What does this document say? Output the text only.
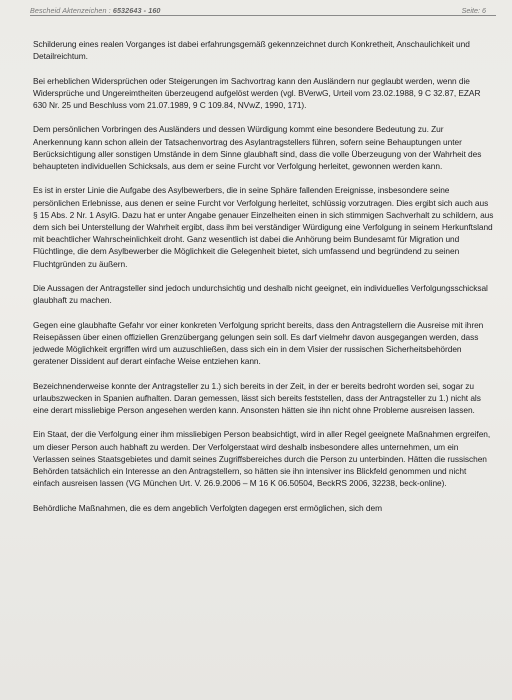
Bescheid Aktenzeichen : 6532643 - 160	Seite: 6

Schilderung eines realen Vorganges ist dabei erfahrungsgemäß gekennzeichnet durch Konkretheit, Anschaulichkeit und Detailreichtum.

Bei erheblichen Widersprüchen oder Steigerungen im Sachvortrag kann den Ausländern nur geglaubt werden, wenn die Widersprüche und Ungereimtheiten überzeugend aufgelöst werden (vgl. BVerwG, Urteil vom 23.02.1988, 9 C 32.87, EZAR 630 Nr. 25 und Beschluss vom 21.07.1989, 9 C 109.84, NVwZ, 1990, 171).

Dem persönlichen Vorbringen des Ausländers und dessen Würdigung kommt eine besondere Bedeutung zu. Zur Anerkennung kann schon allein der Tatsachenvortrag des Asylantragstellers führen, sofern seine Behauptungen unter Berücksichtigung aller sonstigen Umstände in dem Sinne glaubhaft sind, dass die volle Überzeugung von der Wahrheit des behaupteten individuellen Schicksals, aus dem er seine Furcht vor Verfolgung herleitet, gewonnen werden kann.

Es ist in erster Linie die Aufgabe des Asylbewerbers, die in seine Sphäre fallenden Ereignisse, insbesondere seine persönlichen Erlebnisse, aus denen er seine Furcht vor Verfolgung herleitet, schlüssig vorzutragen. Dies ergibt sich auch aus § 15 Abs. 2 Nr. 1 AsylG. Dazu hat er unter Angabe genauer Einzelheiten einen in sich stimmigen Sachverhalt zu schildern, aus dem sich bei Unterstellung der Wahrheit ergibt, dass ihm bei verständiger Würdigung eine Verfolgung in seinem Herkunftsland mit beachtlicher Wahrscheinlichkeit droht. Ganz wesentlich ist dabei die Anhörung beim Bundesamt für Migration und Flüchtlinge, die dem Asylbewerber die Möglichkeit die Gelegenheit bietet, sich umfassend und begründend zu seinen Fluchtgründen zu äußern.

Die Aussagen der Antragsteller sind jedoch undurchsichtig und deshalb nicht geeignet, ein individuelles Verfolgungsschicksal glaubhaft zu machen.

Gegen eine glaubhafte Gefahr vor einer konkreten Verfolgung spricht bereits, dass den Antragstellern die Ausreise mit ihren Reisepässen über einen offiziellen Grenzübergang gelungen sein soll. Es darf vielmehr davon ausgegangen werden, dass jedwede Möglichkeit ergriffen wird um auzuschließen, dass sich ein in dem Visier der russischen Sicherheitsbehörden geratener Dissident auf derart einfache Weise entziehen kann.

Bezeichnenderweise konnte der Antragsteller zu 1.) sich bereits in der Zeit, in der er bereits bedroht worden sei, sogar zu urlaubszwecken in Spanien aufhalten. Daran gemessen, lässt sich bereits feststellen, dass der Antragsteller zu 1.) nicht als eine derart missliebige Person angesehen werden kann. Ansonsten hätten sie ihn nicht ohne Probleme ausreisen lassen.

Ein Staat, der die Verfolgung einer ihm missliebigen Person beabsichtigt, wird in aller Regel geeignete Maßnahmen ergreifen, um dieser Person auch habhaft zu werden. Der Verfolgerstaat wird deshalb insbesondere alles unternehmen, um ein Verlassen seines Staatsgebietes und damit seines Zugriffsbereiches durch die Person zu unterbinden. Hätten die russischen Behörden tatsächlich ein Interesse an den Antragstellern, so hätten sie ihn intensiver ins Blickfeld genommen und nicht einfach ausreisen lassen (VG München Urt. V. 26.9.2006 – M 16 K 06.50504, BeckRS 2006, 32238, beck-online).

Behördliche Maßnahmen, die es dem angeblich Verfolgten dagegen erst ermöglichen, sich dem
